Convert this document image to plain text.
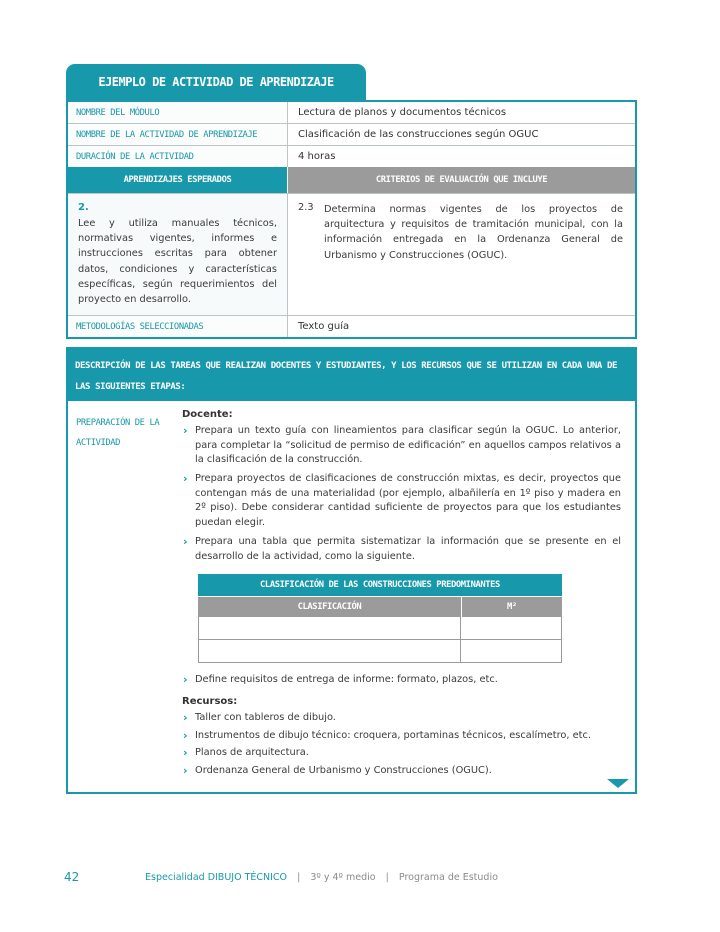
EJEMPLO DE ACTIVIDAD DE APRENDIZAJE
NOMBRE DEL MÓDULO	Lectura de planos y documentos técnicos
NOMBRE DE LA ACTIVIDAD DE APRENDIZAJE	Clasificación de las construcciones según OGUC
DURACIÓN DE LA ACTIVIDAD	4 horas
APRENDIZAJES ESPERADOS	CRITERIOS DE EVALUACIÓN QUE INCLUYE
2.
Lee y utiliza manuales técnicos, normativas vigentes, informes e instrucciones escritas para obtener datos, condiciones y características específicas, según requerimientos del proyecto en desarrollo.
2.3	Determina normas vigentes de los proyectos de arquitectura y requisitos de tramitación municipal, con la información entregada en la Ordenanza General de Urbanismo y Construcciones (OGUC).
METODOLOGÍAS SELECCIONADAS	Texto guía
DESCRIPCIÓN DE LAS TAREAS QUE REALIZAN DOCENTES Y ESTUDIANTES, Y LOS RECURSOS QUE SE UTILIZAN EN CADA UNA DE LAS SIGUIENTES ETAPAS:
PREPARACIÓN DE LA ACTIVIDAD
Docente:
› Prepara un texto guía con lineamientos para clasificar según la OGUC. Lo anterior, para completar la “solicitud de permiso de edificación” en aquellos campos relativos a la clasificación de la construcción.
› Prepara proyectos de clasificaciones de construcción mixtas, es decir, proyectos que contengan más de una materialidad (por ejemplo, albañilería en 1º piso y madera en 2º piso). Debe considerar cantidad suficiente de proyectos para que los estudiantes puedan elegir.
› Prepara una tabla que permita sistematizar la información que se presente en el desarrollo de la actividad, como la siguiente.
CLASIFICACIÓN DE LAS CONSTRUCCIONES PREDOMINANTES
CLASIFICACIÓN	M²
› Define requisitos de entrega de informe: formato, plazos, etc.
Recursos:
› Taller con tableros de dibujo.
› Instrumentos de dibujo técnico: croquera, portaminas técnicos, escalímetro, etc.
› Planos de arquitectura.
› Ordenanza General de Urbanismo y Construcciones (OGUC).
42	Especialidad DIBUJO TÉCNICO | 3º y 4º medio | Programa de Estudio
